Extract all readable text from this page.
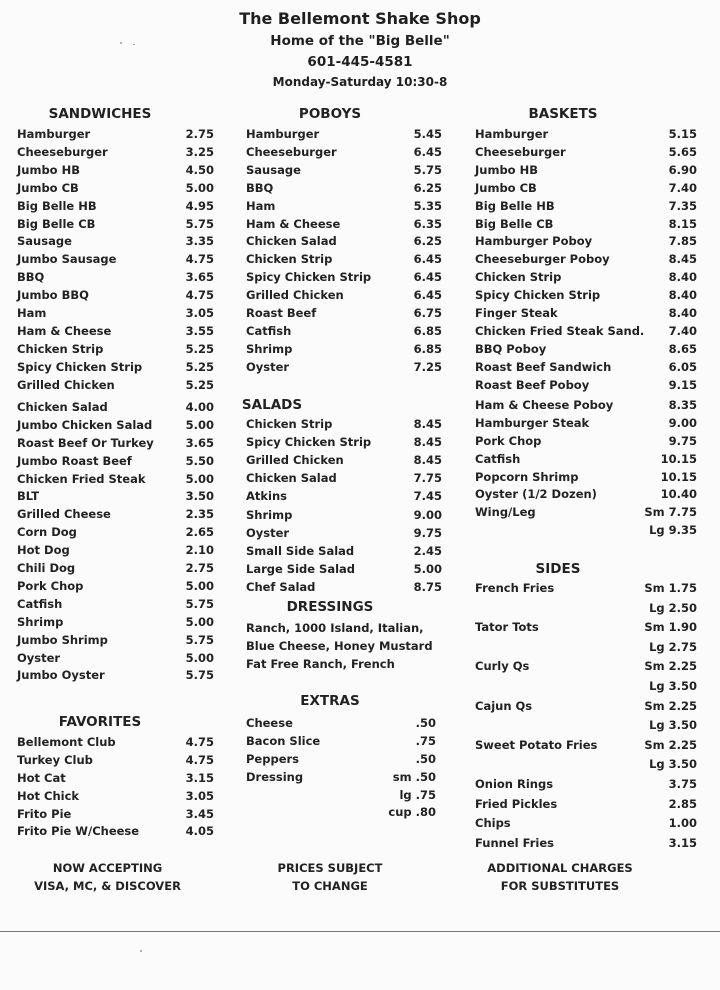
The Bellemont Shake Shop
Home of the "Big Belle"
601-445-4581
Monday-Saturday 10:30-8
SANDWICHES
Hamburger	2.75
Cheeseburger	3.25
Jumbo HB	4.50
Jumbo CB	5.00
Big Belle HB	4.95
Big Belle CB	5.75
Sausage	3.35
Jumbo Sausage	4.75
BBQ	3.65
Jumbo BBQ	4.75
Ham	3.05
Ham & Cheese	3.55
Chicken Strip	5.25
Spicy Chicken Strip	5.25
Grilled Chicken	5.25
Chicken Salad	4.00
Jumbo Chicken Salad	5.00
Roast Beef Or Turkey	3.65
Jumbo Roast Beef	5.50
Chicken Fried Steak	5.00
BLT	3.50
Grilled Cheese	2.35
Corn Dog	2.65
Hot Dog	2.10
Chili Dog	2.75
Pork Chop	5.00
Catfish	5.75
Shrimp	5.00
Jumbo Shrimp	5.75
Oyster	5.00
Jumbo Oyster	5.75
FAVORITES
Bellemont Club	4.75
Turkey Club	4.75
Hot Cat	3.15
Hot Chick	3.05
Frito Pie	3.45
Frito Pie W/Cheese	4.05
POBOYS
Hamburger	5.45
Cheeseburger	6.45
Sausage	5.75
BBQ	6.25
Ham	5.35
Ham & Cheese	6.35
Chicken Salad	6.25
Chicken Strip	6.45
Spicy Chicken Strip	6.45
Grilled Chicken	6.45
Roast Beef	6.75
Catfish	6.85
Shrimp	6.85
Oyster	7.25
SALADS
Chicken Strip	8.45
Spicy Chicken Strip	8.45
Grilled Chicken	8.45
Chicken Salad	7.75
Atkins	7.45
Shrimp	9.00
Oyster	9.75
Small Side Salad	2.45
Large Side Salad	5.00
Chef Salad	8.75
EXTRAS
Cheese	.50
Bacon Slice	.75
Peppers	.50
Dressing	sm .50
lg .75
cup .80
BASKETS
Hamburger	5.15
Cheeseburger	5.65
Jumbo HB	6.90
Jumbo CB	7.40
Big Belle HB	7.35
Big Belle CB	8.15
Hamburger Poboy	7.85
Cheeseburger Poboy	8.45
Chicken Strip	8.40
Spicy Chicken Strip	8.40
Finger Steak	8.40
Chicken Fried Steak Sand. 7.40
BBQ Poboy	8.65
Roast Beef Sandwich	6.05
Roast Beef Poboy	9.15
Ham & Cheese Poboy	8.35
Hamburger Steak	9.00
Pork Chop	9.75
Catfish	10.15
Popcorn Shrimp	10.15
Oyster (1/2 Dozen)	10.40
Wing/Leg	Sm 7.75
Lg 9.35
SIDES
French Fries	Sm 1.75
Lg 2.50
Tator Tots	Sm 1.90
Lg 2.75
Curly Qs	Sm 2.25
Lg 3.50
Cajun Qs	Sm 2.25
Lg 3.50
Sweet Potato Fries	Sm 2.25
Lg 3.50
Onion Rings	3.75
Fried Pickles	2.85
Chips	1.00
Funnel Fries	3.15
DRESSINGS
Ranch, 1000 Island, Italian,
Blue Cheese, Honey Mustard
Fat Free Ranch, French
NOW ACCEPTING
VISA, MC, & DISCOVER
PRICES SUBJECT
TO CHANGE
ADDITIONAL CHARGES
FOR SUBSTITUTES
